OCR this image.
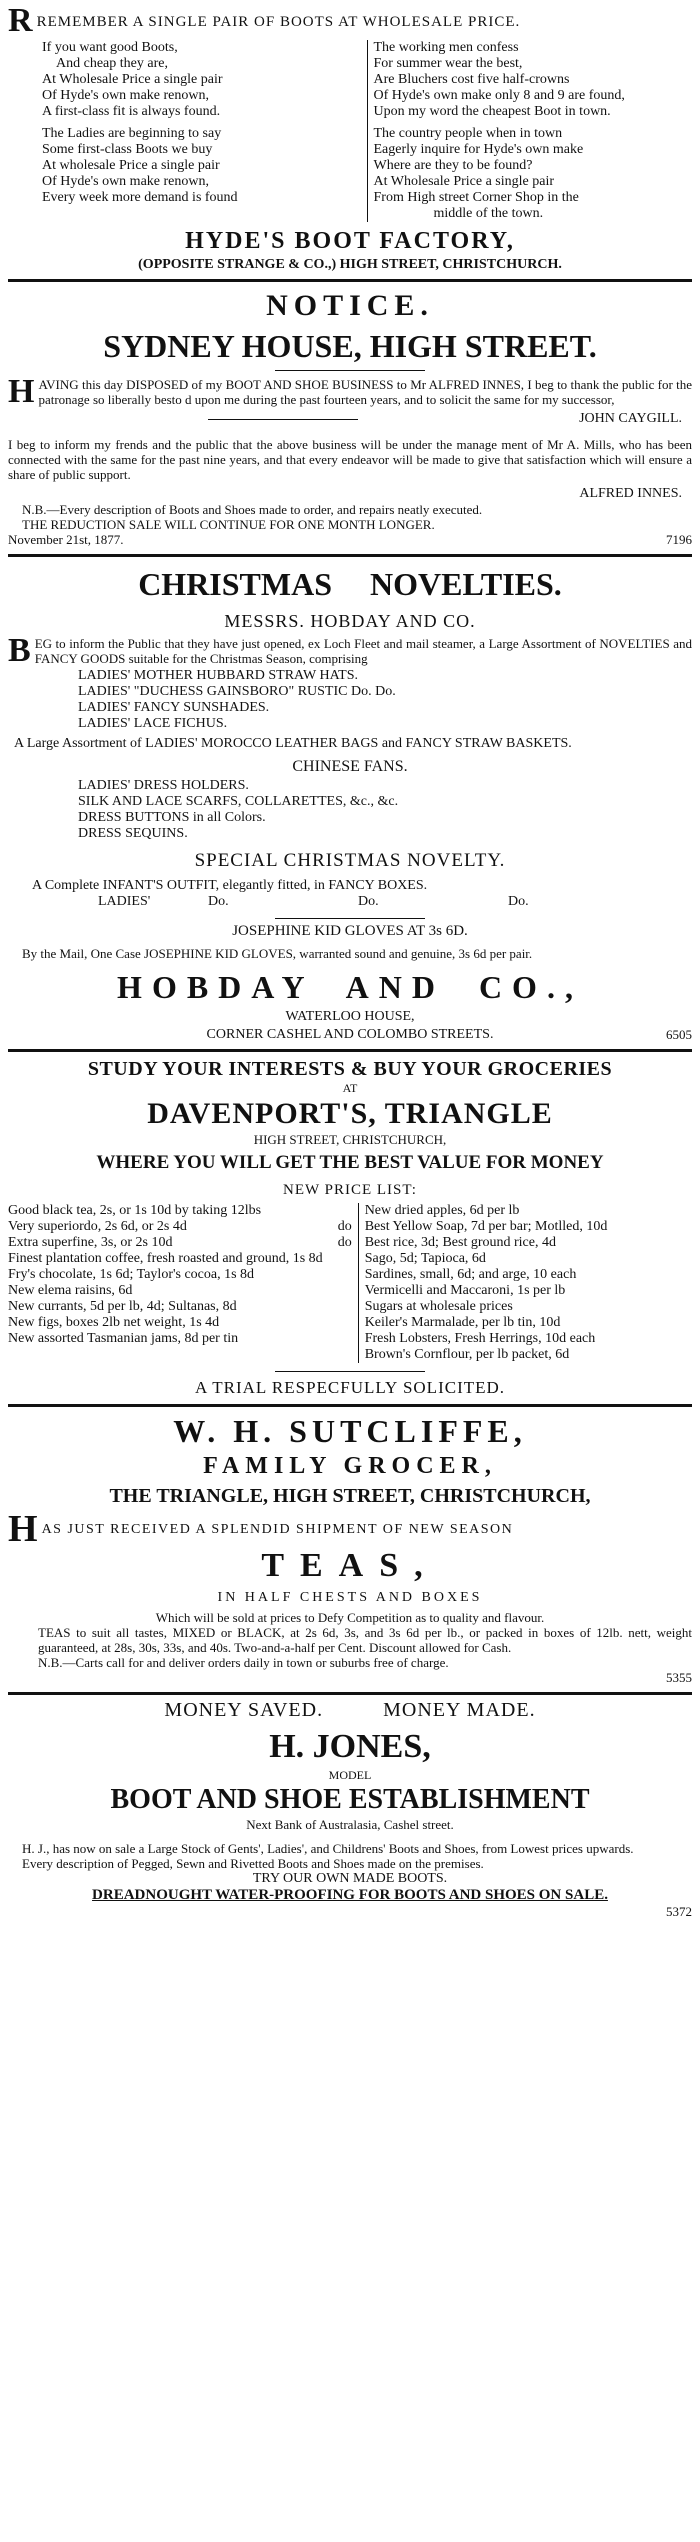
R REMEMBER A SINGLE PAIR OF BOOTS AT WHOLESALE PRICE.
If you want good Boots,
And cheap they are,
At Wholesale Price a single pair
Of Hyde's own make renown,
A first-class fit is always found.
The Ladies are beginning to say
Some first-class Boots we buy
At wholesale Price a single pair
Of Hyde's own make renown,
Every week more demand is found
The working men confess
For summer wear the best,
Are Bluchers cost five half-crowns
Of Hyde's own make only 8 and 9 are found,
Upon my word the cheapest Boot in town.
The country people when in town
Eagerly inquire for Hyde's own make
Where are they to be found?
At Wholesale Price a single pair
From High street Corner Shop in the
middle of the town.
HYDE'S BOOT FACTORY,
(OPPOSITE STRANGE & CO.,) HIGH STREET, CHRISTCHURCH.
NOTICE.
SYDNEY HOUSE, HIGH STREET.
H AVING this day DISPOSED of my BOOT AND SHOE BUSINESS to Mr ALFRED INNES, I beg to thank the public for the patronage so liberally besto d upon me during the past fourteen years, and to solicit the same for my successor,

JOHN CAYGILL.

I beg to inform my frends and the public that the above business will be under the manage ment of Mr A. Mills, who has been connected with the same for the past nine years, and that every endeavor will be made to give that satisfaction which will ensure a share of public support.

ALFRED INNES.

N.B.—Every description of Boots and Shoes made to order, and repairs neatly executed.

THE REDUCTION SALE WILL CONTINUE FOR ONE MONTH LONGER.

November 21st, 1877.	7196
CHRISTMAS NOVELTIES.
MESSRS. HOBDAY AND CO.
B EG to inform the Public that they have just opened, ex Loch Fleet and mail steamer, a Large Assortment of NOVELTIES and FANCY GOODS suitable for the Christmas Season, comprising

LADIES' MOTHER HUBBARD STRAW HATS.
LADIES' "DUCHESS GAINSBORO" RUSTIC Do. Do.
LADIES' FANCY SUNSHADES.
LADIES' LACE FICHUS.

A Large Assortment of LADIES' MOROCCO LEATHER BAGS and FANCY STRAW BASKETS.

CHINESE FANS.
LADIES' DRESS HOLDERS.
SILK AND LACE SCARFS, COLLARETTES, &c., &c.
DRESS BUTTONS in all Colors.
DRESS SEQUINS.
SPECIAL CHRISTMAS NOVELTY.

A Complete INFANT'S OUTFIT, elegantly fitted, in FANCY BOXES.

LADIES'	Do.	Do.	Do.
JOSEPHINE KID GLOVES AT 3s 6D.

By the Mail, One Case JOSEPHINE KID GLOVES, warranted sound and genuine, 3s 6d per pair.

HOBDAY AND CO.,
WATERLOO HOUSE,
CORNER CASHEL AND COLOMBO STREETS.	6505
STUDY YOUR INTERESTS & BUY YOUR GROCERIES
AT
DAVENPORT'S, TRIANGLE
HIGH STREET, CHRISTCHURCH,
WHERE YOU WILL GET THE BEST VALUE FOR MONEY
NEW PRICE LIST:
Good black tea, 2s, or 1s 10d by taking 12lbs
Very superiordo, 2s 6d, or 2s 4d	do
Extra superfine, 3s, or 2s 10d	do
Finest plantation coffee, fresh roasted and ground, 1s 8d
Fry's chocolate, 1s 6d; Taylor's cocoa, 1s 8d
New elema raisins, 6d
New currants, 5d per lb, 4d; Sultanas, 8d
New figs, boxes 2lb net weight, 1s 4d
New assorted Tasmanian jams, 8d per tin
New dried apples, 6d per lb
Best Yellow Soap, 7d per bar; Motlled, 10d
Best rice, 3d; Best ground rice, 4d
Sago, 5d; Tapioca, 6d
Sardines, small, 6d; and arge, 10 each
Vermicelli and Maccaroni, 1s per lb
Sugars at wholesale prices
Keiler's Marmalade, per lb tin, 10d
Fresh Lobsters, Fresh Herrings, 10d each
Brown's Cornflour, per lb packet, 6d
A TRIAL RESPECFULLY SOLICITED.
W. H. SUTCLIFFE,
FAMILY GROCER,
THE TRIANGLE, HIGH STREET, CHRISTCHURCH,
H AS JUST RECEIVED A SPLENDID SHIPMENT OF NEW SEASON
TEAS,
IN HALF CHESTS AND BOXES

Which will be sold at prices to Defy Competition as to quality and flavour.

TEAS to suit all tastes, MIXED or BLACK, at 2s 6d, 3s, and 3s 6d per lb., or packed in boxes of 12lb. nett, weight guaranteed, at 28s, 30s, 33s, and 40s. Two-and-a-half per Cent. Discount allowed for Cash.

N.B.—Carts call for and deliver orders daily in town or suburbs free of charge.

5355
MONEY SAVED.	MONEY MADE.
H. JONES,
MODEL
BOOT AND SHOE ESTABLISHMENT
Next Bank of Australasia, Cashel street.

H. J., has now on sale a Large Stock of Gents', Ladies', and Childrens' Boots and Shoes, from Lowest prices upwards.

Every description of Pegged, Sewn and Rivetted Boots and Shoes made on the premises.

TRY OUR OWN MADE BOOTS.
DREADNOUGHT WATER-PROOFING FOR BOOTS AND SHOES ON SALE.
5372
